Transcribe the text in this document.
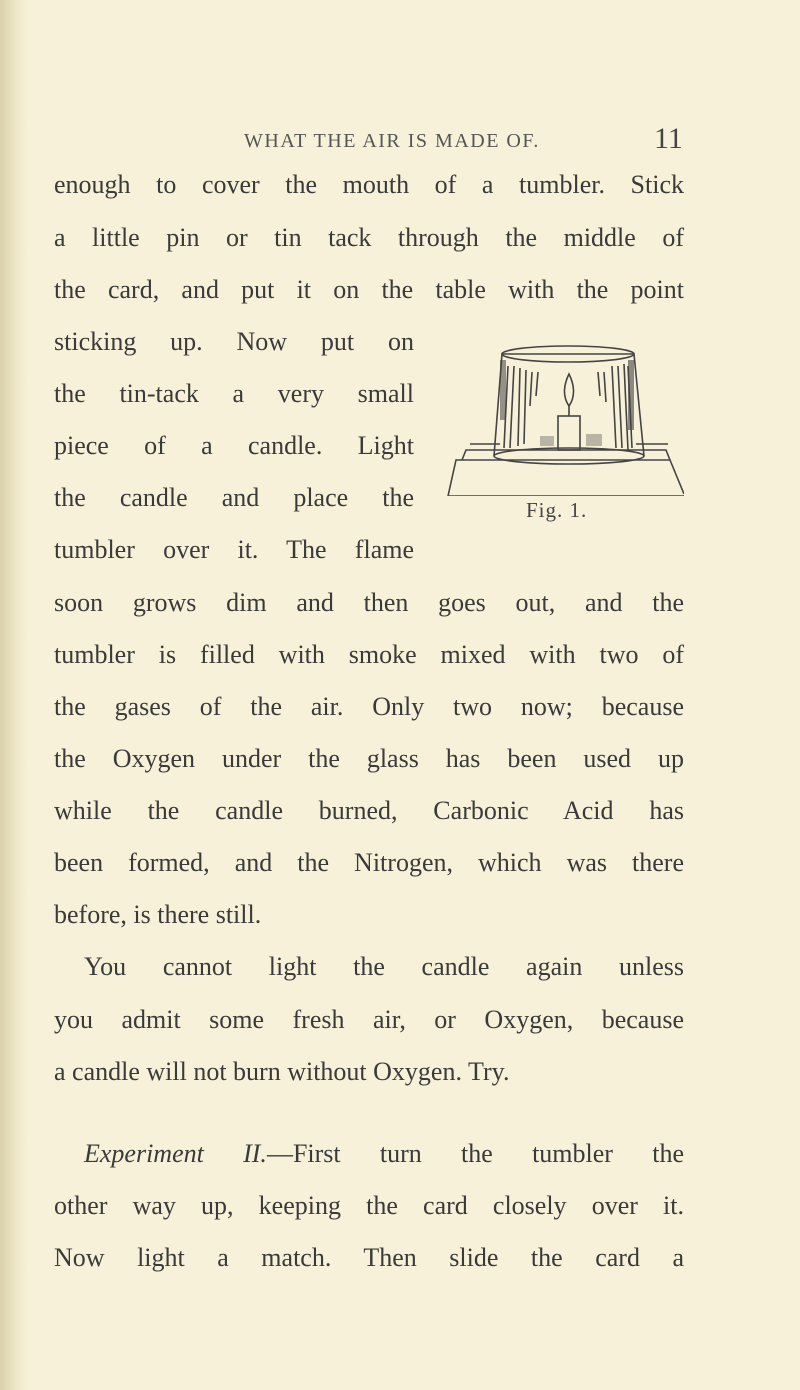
WHAT THE AIR IS MADE OF.	11
enough to cover the mouth of a tumbler. Stick
a little pin or tin tack through the middle of
the card, and put it on the table with the point
sticking up. Now put on
the tin-tack a very small
piece of a candle. Light
the candle and place the
tumbler over it. The flame
soon grows dim and then goes out, and the
tumbler is filled with smoke mixed with two of
the gases of the air. Only two now; because
the Oxygen under the glass has been used up
while the candle burned, Carbonic Acid has
been formed, and the Nitrogen, which was there
before, is there still.
You cannot light the candle again unless
you admit some fresh air, or Oxygen, because
a candle will not burn without Oxygen. Try.
Experiment II.—First turn the tumbler the
other way up, keeping the card closely over it.
Now light a match. Then slide the card a
Fig. 1.
